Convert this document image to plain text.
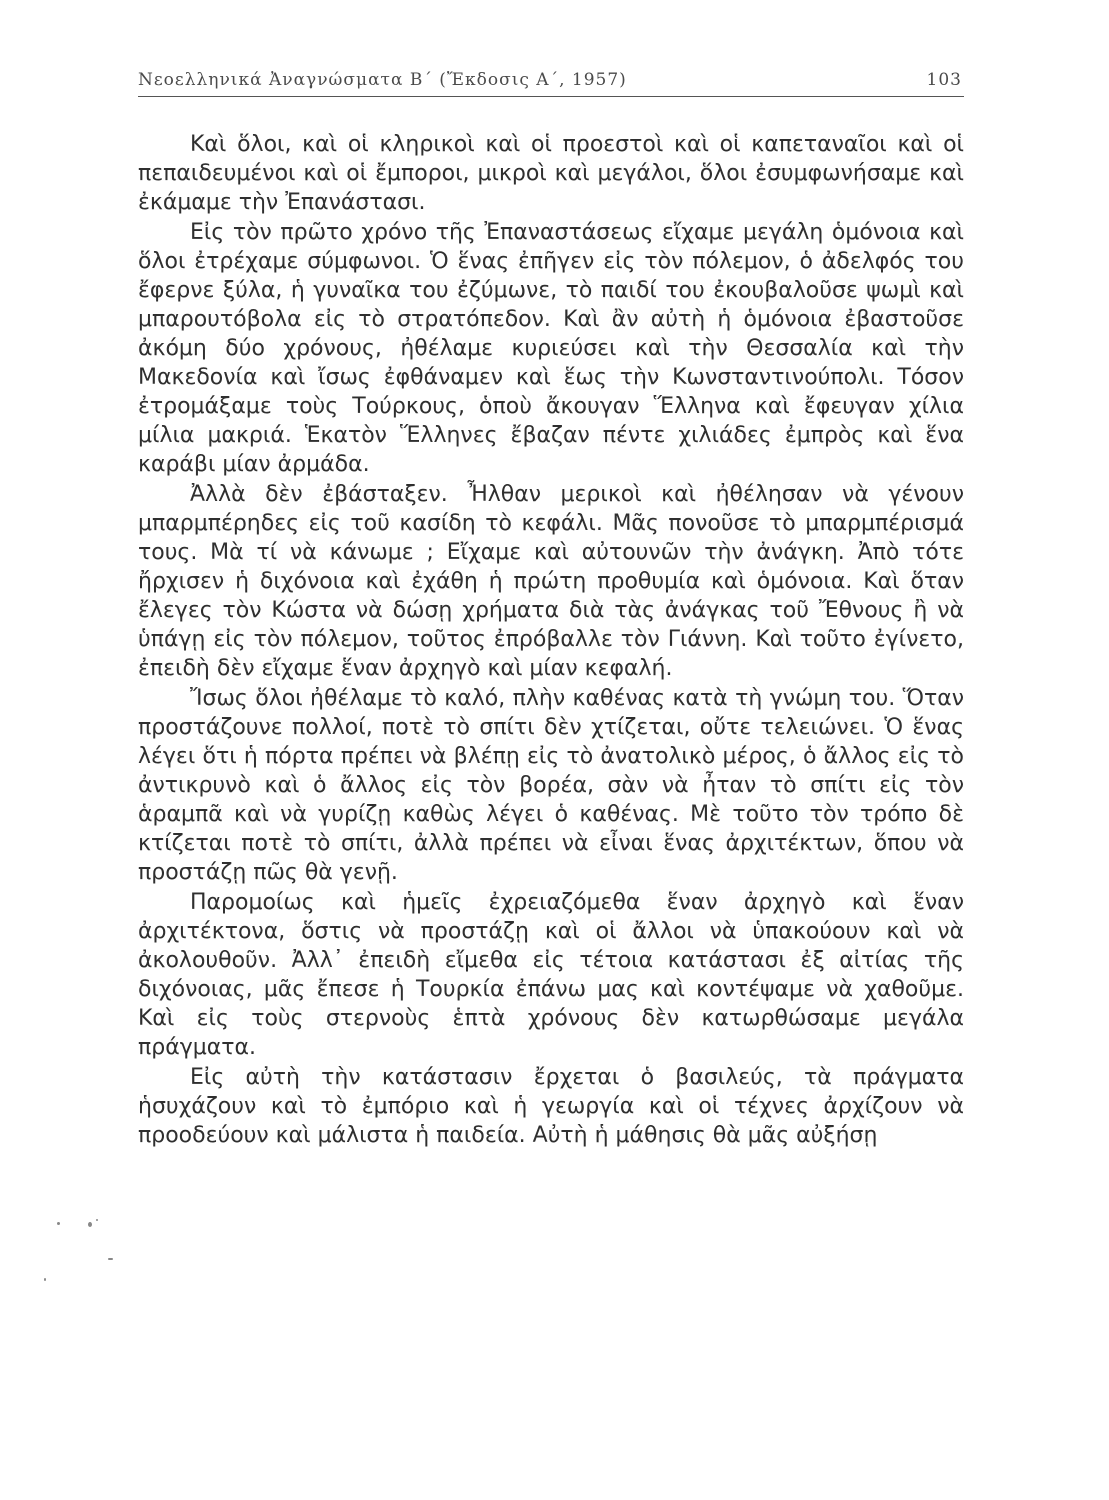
Νεοελληνικά Ἀναγνώσματα Β΄ (Ἔκδοσις Α΄, 1957)	103

Καὶ ὅλοι, καὶ οἱ κληρικοὶ καὶ οἱ προεστοὶ καὶ οἱ καπεταναῖοι καὶ οἱ πεπαιδευμένοι καὶ οἱ ἔμποροι, μικροὶ καὶ μεγάλοι, ὅλοι ἐσυμφωνήσαμε καὶ ἐκάμαμε τὴν Ἐπανάστασι.

Εἰς τὸν πρῶτο χρόνο τῆς Ἐπαναστάσεως εἴχαμε μεγάλη ὁμόνοια καὶ ὅλοι ἐτρέχαμε σύμφωνοι. Ὁ ἕνας ἐπῆγεν εἰς τὸν πόλεμον, ὁ ἀδελφός του ἔφερνε ξύλα, ἡ γυναῖκα του ἐζύμωνε, τὸ παιδί του ἐκουβαλοῦσε ψωμὶ καὶ μπαρουτόβολα εἰς τὸ στρατόπεδον. Καὶ ἂν αὐτὴ ἡ ὁμόνοια ἐβαστοῦσε ἀκόμη δύο χρόνους, ἠθέλαμε κυριεύσει καὶ τὴν Θεσσαλία καὶ τὴν Μακεδονία καὶ ἴσως ἐφθάναμεν καὶ ἕως τὴν Κωνσταντινούπολι. Τόσον ἐτρομάξαμε τοὺς Τούρκους, ὁποὺ ἄκουγαν Ἕλληνα καὶ ἔφευγαν χίλια μίλια μακριά. Ἑκατὸν Ἕλληνες ἔβαζαν πέντε χιλιάδες ἐμπρὸς καὶ ἕνα καράβι μίαν ἀρμάδα.

Ἀλλὰ δὲν ἐβάσταξεν. Ἦλθαν μερικοὶ καὶ ἠθέλησαν νὰ γένουν μπαρμπέρηδες εἰς τοῦ κασίδη τὸ κεφάλι. Μᾶς πονοῦσε τὸ μπαρμπέρισμά τους. Μὰ τί νὰ κάνωμε ; Εἴχαμε καὶ αὐτουνῶν τὴν ἀνάγκη. Ἀπὸ τότε ἤρχισεν ἡ διχόνοια καὶ ἐχάθη ἡ πρώτη προθυμία καὶ ὁμόνοια. Καὶ ὅταν ἔλεγες τὸν Κώστα νὰ δώσῃ χρήματα διὰ τὰς ἀνάγκας τοῦ Ἔθνους ἢ νὰ ὑπάγῃ εἰς τὸν πόλεμον, τοῦτος ἐπρόβαλλε τὸν Γιάννη. Καὶ τοῦτο ἐγίνετο, ἐπειδὴ δὲν εἴχαμε ἕναν ἀρχηγὸ καὶ μίαν κεφαλή.

Ἴσως ὅλοι ἠθέλαμε τὸ καλό, πλὴν καθένας κατὰ τὴ γνώμη του. Ὅταν προστάζουνε πολλοί, ποτὲ τὸ σπίτι δὲν χτίζεται, οὔτε τελειώνει. Ὁ ἕνας λέγει ὅτι ἡ πόρτα πρέπει νὰ βλέπῃ εἰς τὸ ἀνατολικὸ μέρος, ὁ ἄλλος εἰς τὸ ἀντικρυνὸ καὶ ὁ ἄλλος εἰς τὸν βορέα, σὰν νὰ ἦταν τὸ σπίτι εἰς τὸν ἁραμπᾶ καὶ νὰ γυρίζῃ καθὼς λέγει ὁ καθένας. Μὲ τοῦτο τὸν τρόπο δὲ κτίζεται ποτὲ τὸ σπίτι, ἀλλὰ πρέπει νὰ εἶναι ἕνας ἀρχιτέκτων, ὅπου νὰ προστάζῃ πῶς θὰ γενῇ.

Παρομοίως καὶ ἡμεῖς ἐχρειαζόμεθα ἕναν ἀρχηγὸ καὶ ἕναν ἀρχιτέκτονα, ὅστις νὰ προστάζῃ καὶ οἱ ἄλλοι νὰ ὑπακούουν καὶ νὰ ἀκολουθοῦν. Ἀλλ᾽ ἐπειδὴ εἴμεθα εἰς τέτοια κατάστασι ἐξ αἰτίας τῆς διχόνοιας, μᾶς ἔπεσε ἡ Τουρκία ἐπάνω μας καὶ κοντέψαμε νὰ χαθοῦμε. Καὶ εἰς τοὺς στερνοὺς ἑπτὰ χρόνους δὲν κατωρθώσαμε μεγάλα πράγματα.

Εἰς αὐτὴ τὴν κατάστασιν ἔρχεται ὁ βασιλεύς, τὰ πράγματα ἡσυχάζουν καὶ τὸ ἐμπόριο καὶ ἡ γεωργία καὶ οἱ τέχνες ἀρχίζουν νὰ προοδεύουν καὶ μάλιστα ἡ παιδεία. Αὐτὴ ἡ μάθησις θὰ μᾶς αὐξήσῃ
